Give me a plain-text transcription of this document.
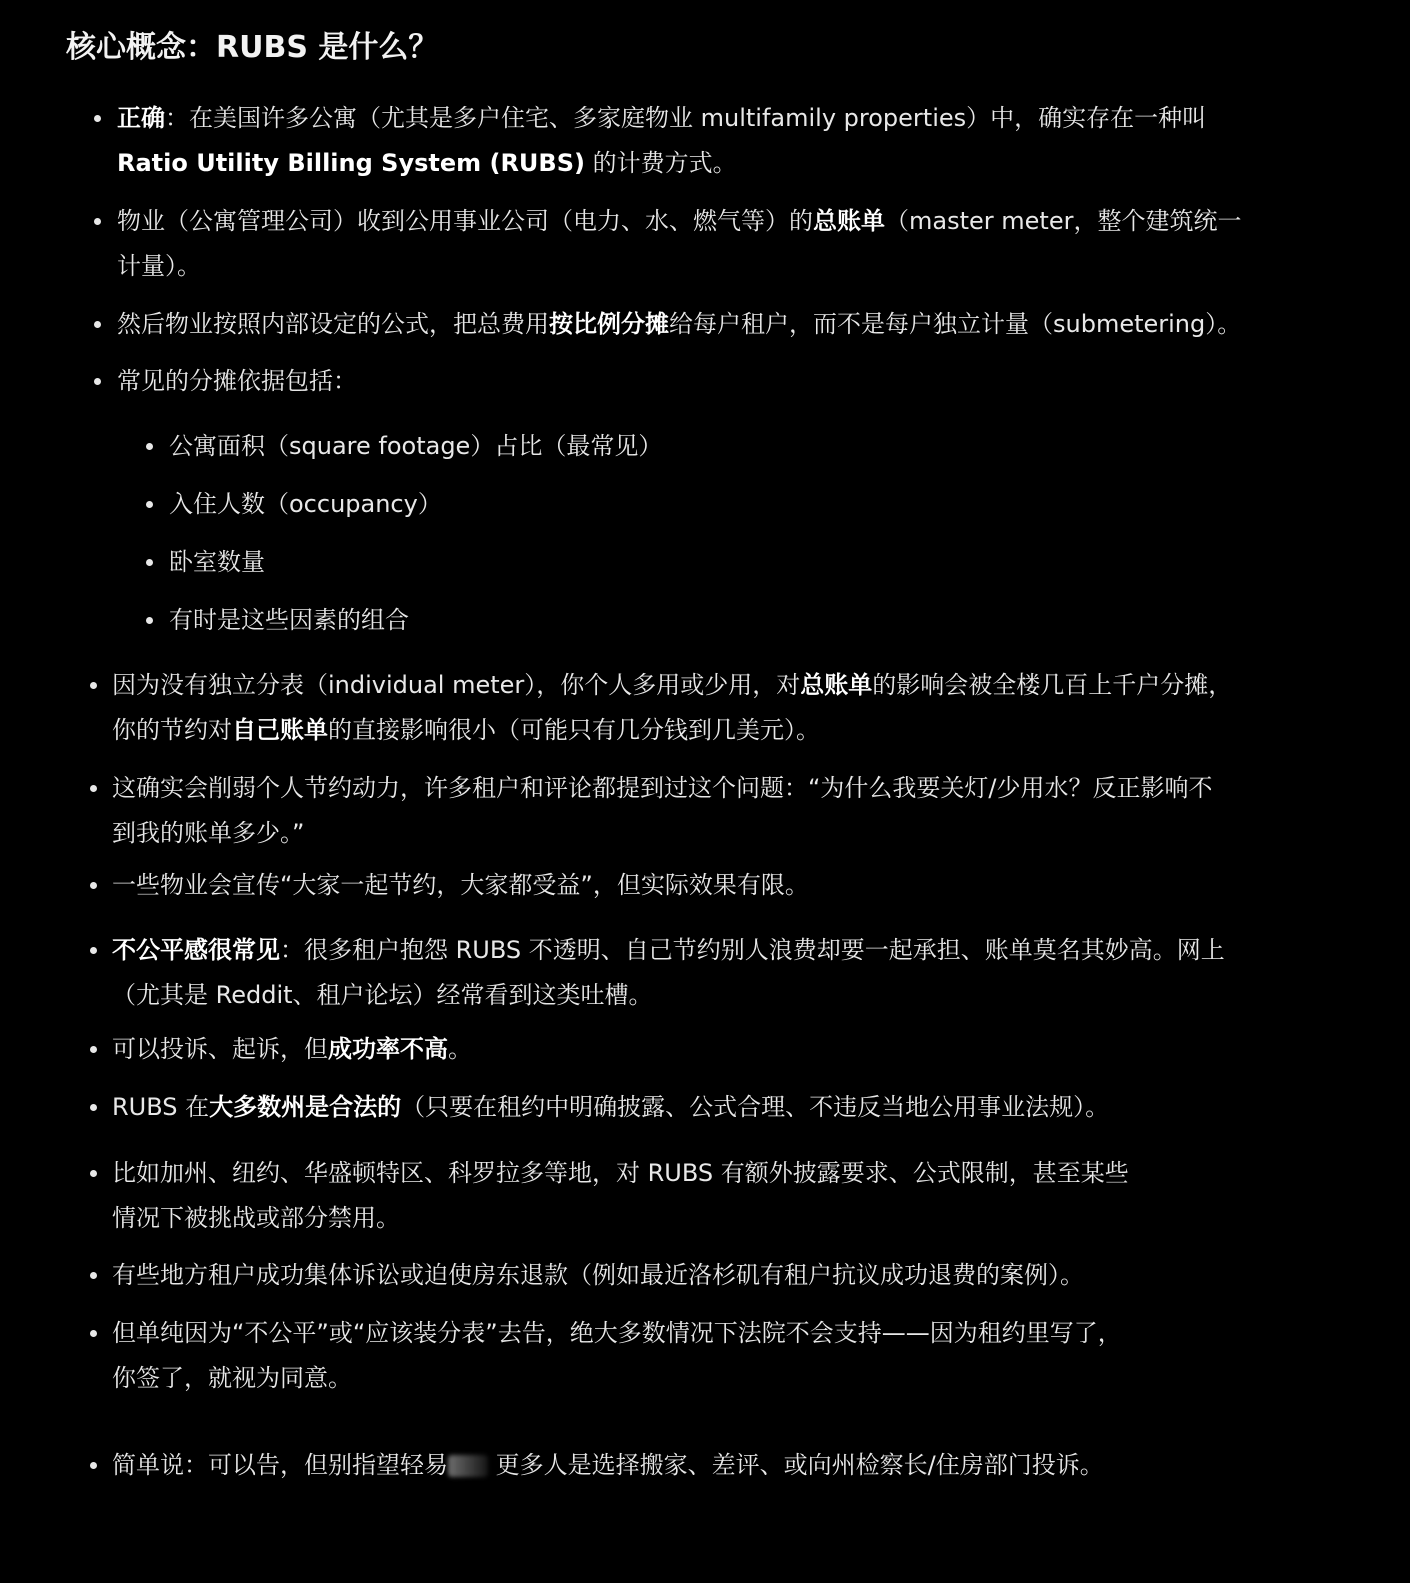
核心概念：RUBS 是什么？
正确：在美国许多公寓（尤其是多户住宅、多家庭物业 multifamily properties）中，确实存在一种叫
Ratio Utility Billing System (RUBS) 的计费方式。
物业（公寓管理公司）收到公用事业公司（电力、水、燃气等）的总账单（master meter，整个建筑统一
计量）。
然后物业按照内部设定的公式，把总费用按比例分摊给每户租户，而不是每户独立计量（submetering）。
常见的分摊依据包括：
公寓面积（square footage）占比（最常见）
入住人数（occupancy）
卧室数量
有时是这些因素的组合
因为没有独立分表（individual meter），你个人多用或少用，对总账单的影响会被全楼几百上千户分摊，
你的节约对自己账单的直接影响很小（可能只有几分钱到几美元）。
这确实会削弱个人节约动力，许多租户和评论都提到过这个问题：“为什么我要关灯/少用水？反正影响不
到我的账单多少。”
一些物业会宣传“大家一起节约，大家都受益”，但实际效果有限。
不公平感很常见：很多租户抱怨 RUBS 不透明、自己节约别人浪费却要一起承担、账单莫名其妙高。网上
（尤其是 Reddit、租户论坛）经常看到这类吐槽。
可以投诉、起诉，但成功率不高。
RUBS 在大多数州是合法的（只要在租约中明确披露、公式合理、不违反当地公用事业法规）。
比如加州、纽约、华盛顿特区、科罗拉多等地，对 RUBS 有额外披露要求、公式限制，甚至某些
情况下被挑战或部分禁用。
有些地方租户成功集体诉讼或迫使房东退款（例如最近洛杉矶有租户抗议成功退费的案例）。
但单纯因为“不公平”或“应该装分表”去告，绝大多数情况下法院不会支持——因为租约里写了，
你签了，就视为同意。
简单说：可以告，但别指望轻易 更多人是选择搬家、差评、或向州检察长/住房部门投诉。
